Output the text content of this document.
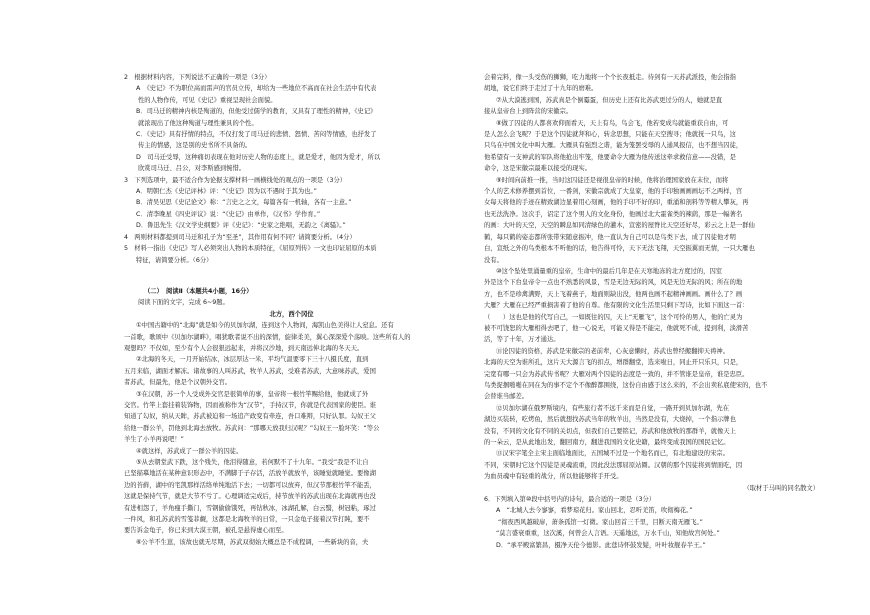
2　根据材料内容，下列说法不正确的一项是（3分）

A　《史记》不为职位高而雷声的官员立传，却给为一些地位不高而在社会生活中有代表

性的人物作传，可见《史记》重视呈现社会面貌。

B．司马迁的精神内核是殉道的，但他受过儒学的教育，又具有了理性的精神，《史记》

就浓现出了他这种殉道与理性兼具的个性。

C．《史记》具有抒情的特点，不仅打发了司马迁的悲愤、怒愤、苦闷等情感，也抒发了

传主的情感，这是别的史书所不具备的。

D　司马迁受辱，这种痛切表现在他对历史人物的态度上，就是爱才，他因为爱才，所以

欣赏司马迁、吕公，对李斯感到惋惜。

3　下列选项中，最不适合作为论据支撑材料一画横线处的观点的一项是（3分）

A．明朝仁杰《史记评林》评：“《史记》因为以不遇时于其为也。”

B．清吴见思《史记论文》称：“言史之之文，每篇各有一机轴，各有一主意。”

C．清李晚星《四史评议》说：“《史记》由单作，《汉书》学作育。”

D．鲁迅先生《汉文学史纲要》评《史记》：“史家之绝唱，无韵之《离骚》。”

4　两则材料都提到司马迁和孔子为“至圣”，其作用有何不同？请简要分析。（4分）

5　材料一指出《史记》写人必须突出人物的本质特征，《屈原列传》一文也印证屈原的本质

特征，请简要分析。（6分）

（二）　阅读Ⅱ（本题共4小题，16分）

阅读下面的文字，完成 6~9题。

北方，西个冈位

①中国古籍中的“北海”就是如今的贝加尔湖，连到这个人物间，海凯山色美得让人窒息。还有

一首歌，歌颂中《贝加尔湖畔》，唱犹歌者说不出的深情，旋律柔美，翼心深深爱个荡映。这些所有人的

观想吗？不仅如，至少有个人会很狠远起来，并将汉沙地，到天南远伸北海的冬天天。

②北海的冬天，一月开始结冰，冰层厚达一米，平均气温要零下三十八摄氏度，直到

五月来临，湖面才解冻。诸故事的人叫苏武，牧羊人苏武，受难者苏武，大意味苏武，爱国

者苏武，但最先，他是个汉朝外交官。

③在汉朝，苏一个人受成外交官是很简单的事，皇帝将一根竹竿赐给他，他就成了外

交官。竹竿上套挂着装饰物，因而被称作为“汉节”，手持汉节，你就是代表国家的使臣。谁

知道了勾奴，纳从天眸，苏武被迫和一场追产政变有牵连，吾口难辩，只好认罪。勾奴王父

给他一群公羊，罚他到北海去放牧。苏武问：“那哪天放我归汉呢？”勾奴王一脸坏笑：“等公

羊生了小羊再说吧！”

④就这样，苏武成了一群公羊的囚徒。

⑤从去朝堂武下跌，这个残失，他泪得随意，若何默不了十九年。“我受”我是不让自

已坚描摹地活在某种意识形态中，不满脚于子存活，活放羊就放羊，该睡觉就睡觉。要像湖

边的苔藓，湖中的宅凯那样活络单纯地活下去；一切都可以放弃，但汉节那根竹竿不能丢，

这就是保持气节，就是大节不亏了。心理调适完成后，持节放羊的苏武出现在北海就再也没

有进相怨了，羊角瘦手撕门，雪钢偷偷饿死，再钻秋冰，冰湖孔解，白云翳，树冠粘，琢过

一件风，和孔苏武的雪笺菲觑，这都是北海牧羊的日常，一只金龟子接着汉节打盹，要不

要告诉金龟子，你已来到大漠王朝，被孔是悬得虚心而至。

⑥公羊不生崽，该故也就无尽期，苏武双彻始大概总是不成程调，一些新块的音，夫

会着完料，像一头受伤的狮狮，吃力地将一个个长夜抵走。待剑有一天苏武派投，他会指指

胡地，说它们终于走过了十九年的磨难。

⑦从大漠逃到国，苏武真是个倒霉蛋，但历史上还有比苏武更过分的人，她就是直

接从皇帝台上到阵营的宋徽宗。

⑧做了囚徒的人都喜欢仰面看天，天上有鸟，鸟会飞，他若变成鸟就能重获自由，可

是人怎么会飞呢？于是这个囚徒就拜和心，转念思想，只能在天空搜寻；他就抚一只鸟，这

只鸟在中国文化中叫大雁。大雁具有强烈之谐，能为笼罢受辱的人通风报信，也不想当囚徒，

他希望有一支神武的军队将他抢出牢笼，他要命令大雁为他传送这牵求救信意——没错，是

命令，这是宋徽宗最难以接受的现实。

⑨时间向前推一推，当时这囚徒还是视很皇帝的时候，他将治理国家放在末位，而将

个人的艺术修养摆到首位，一番剑，宋徽宗就成了大皇家，他的手印独画画画坛不之两样，宫

女每天将他的手迹在精致湖边显着用心刻画，他的手印不好的印，重涌和剖料等等精人攀灰，再

也无法洗净。这次手，诏定了这个男人的文化身份，他画过北大霍雀类的辣鹞，那是一幅著名

的画：大叶的天空，天空的瞬息如同清绿色的灌木，宣密的屋脊比天空还好尽，彩云之上是一群仙

鹤，每只鹤的姿态都所张带宋随意振冲，他一直认为自己可以是鸟类下去，成了囚徒他才明

白，宣纸之外的鸟类根本不听他的话，他告得可怜，天下无法飞翔，天空振翼而无情，一只大雁也

没有。

⑩这个坠处里涌量重的皇帝，生命中的最后几年是在天寒地冻的北方度过的，囚室

外是这个下台皇帝令一点也不熟悉的风景，雪是无边无际的风，风是无边无际的风；所在的地

方，也不是珍禽满野，天上飞着燕子，地面则缺出没，他两也画不起精神画画。画什么了？画

大雁？大雁在已经严重损害着了他的自尊。他有限的文化生活里只剩下写诗，比如下面这一首：

（　　）这也是他的代写自己，一如既往的囚，天上“无雁飞”，这个可怜的男人，他的亡灵为

被不可饶恕的大雁相得去吧了，他一心说无，可能又得是不能完，他就死不成，提到利，淡滑苦

活，等了十年，万才通达。

⑪论囚徒的资格，苏武是宋徽宗的老前辈，心灰意懒时，苏武也曾经搬翻抑天祷神。

北海的天空为谁所孔，这片天大源言飞的扣点，增群翻堂，选来啦日，同止开只乐只，只是，

完宽有哪一只会为苏武传书呢？大雁对两个囚徒的态度是一致的，并不管谁是皇帝，谁是忠臣。

鸟类捉掴啪啪在同在为的事不定个不像醉都围绕，这份自由感于这么来的，不会出卖私底使宋的，也不

会替谁当邮差。

⑫贝加尔湖在俄罗斯境内，有些旅行者不远千来而是自觉，一路开到贝加尔湖，先在

湖边买装转，吃烤鱼，然后就想找苏武当年的牧羊出，当然是没有，大烧掉，一个指示牌也

没有，不同的文化有不同的关切点，但我们自己要铭记，苏武和他放牧的那群羊，就像天上

的一朵云，是从此地出发，翻回南方，翻进我国的文化史籍，最终变成我国的国民记忆。

⑬汉宋字笔全主宋主面临地面比，五国城不过是一个地名而已，有北地建设的宋宗。

不同，宋朝时它这个囚徒是灵魂流重，因此没法那屈原站圈。汉朝的那个囚徒将到情面吃，因

为血员魂中有轻重的战分，所以他能够将手开受。

（取材于马叫的同名散文）

6．下列填入第⑩段中括号内的诗句，最合适的一项是（3分）

A　“北城人去今寥寥，看梦琼花归。家山回北，忍听羌笛，吹彻梅花。”

“彻夜西风越破扉，萧条孤馆一灯微。家山回首三千里，目断天南无雁飞。”

“莫言盛衰重重，这次溪，何曾会人言语。天遥地远，万水千山，知他故宫何处。”

D．“承平殿富繁昌，摄净天伦今德影。此莛诗怀鼓发疑，叶叶妆舰春半王。”
